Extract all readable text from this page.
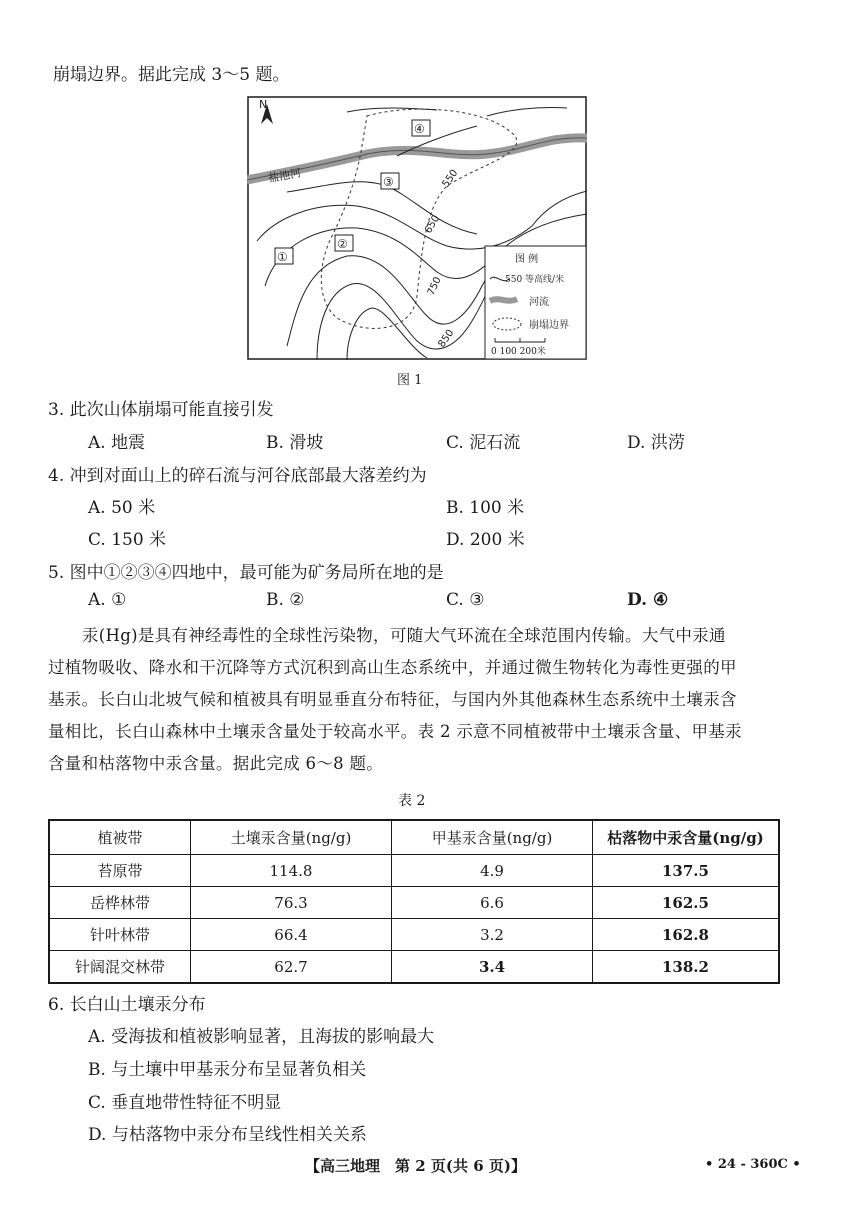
崩塌边界。据此完成 3～5 题。
550
650
750
850
N
盐池河
①
②
③
④
图 例
550 等高线/米
河流
崩塌边界
0 100 200米
图 1
3. 此次山体崩塌可能直接引发
A. 地震	B. 滑坡	C. 泥石流	D. 洪涝
4. 冲到对面山上的碎石流与河谷底部最大落差约为
A. 50 米	B. 100 米
C. 150 米	D. 200 米
5. 图中①②③④四地中，最可能为矿务局所在地的是
A. ①	B. ②	C. ③	D. ④
汞(Hg)是具有神经毒性的全球性污染物，可随大气环流在全球范围内传输。大气中汞通
过植物吸收、降水和干沉降等方式沉积到高山生态系统中，并通过微生物转化为毒性更强的甲
基汞。长白山北坡气候和植被具有明显垂直分布特征，与国内外其他森林生态系统中土壤汞含
量相比，长白山森林中土壤汞含量处于较高水平。表 2 示意不同植被带中土壤汞含量、甲基汞
含量和枯落物中汞含量。据此完成 6～8 题。
表 2
植被带	土壤汞含量(ng/g)	甲基汞含量(ng/g)	枯落物中汞含量(ng/g)
苔原带	114.8	4.9	137.5
岳桦林带	76.3	6.6	162.5
针叶林带	66.4	3.2	162.8
针阔混交林带	62.7	3.4	138.2
6. 长白山土壤汞分布
A. 受海拔和植被影响显著，且海拔的影响最大
B. 与土壤中甲基汞分布呈显著负相关
C. 垂直地带性特征不明显
D. 与枯落物中汞分布呈线性相关关系
【高三地理　第 2 页(共 6 页)】	• 24 - 360C •
